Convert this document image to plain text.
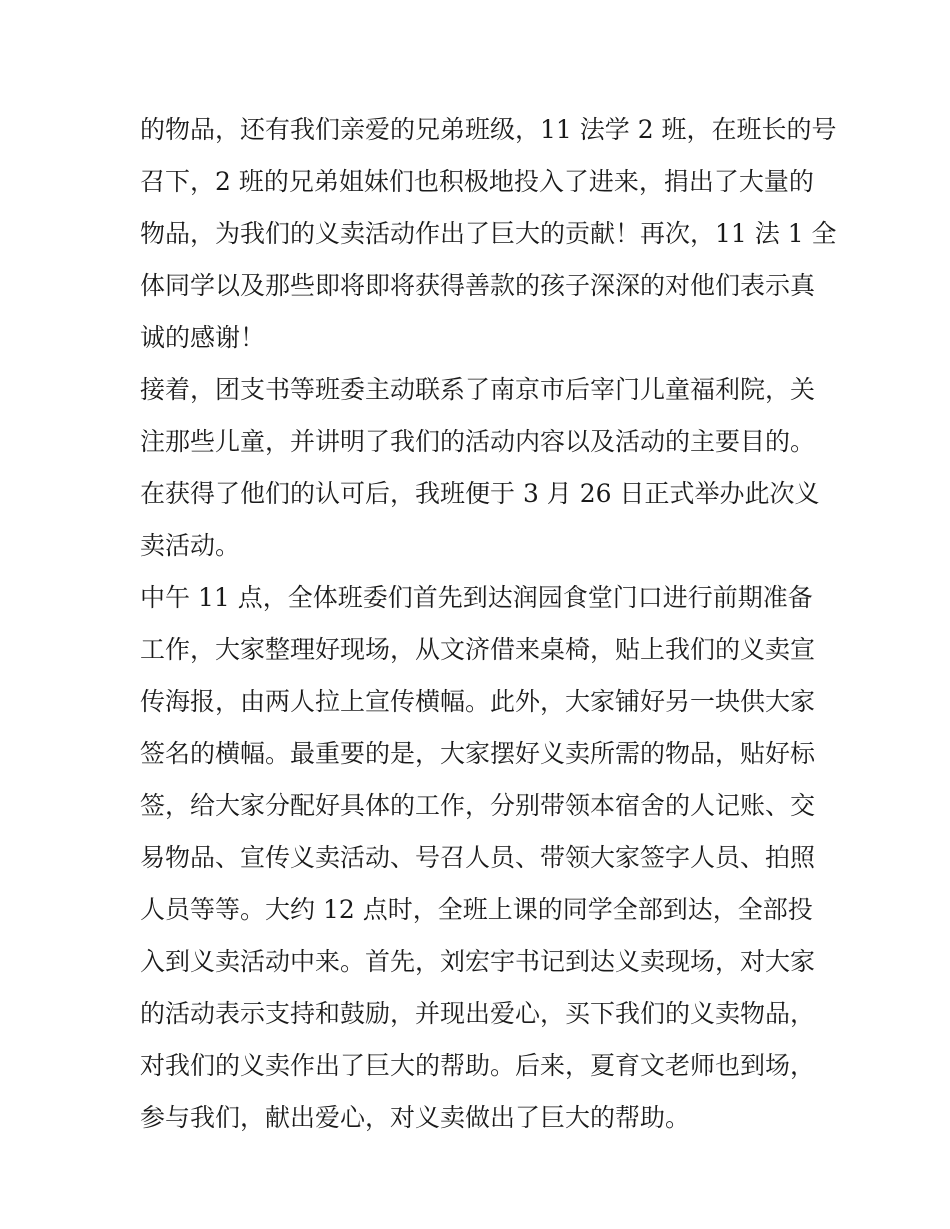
的物品，还有我们亲爱的兄弟班级，11 法学 2 班，在班长的号
召下，2 班的兄弟姐妹们也积极地投入了进来，捐出了大量的
物品，为我们的义卖活动作出了巨大的贡献！再次，11 法 1 全
体同学以及那些即将即将获得善款的孩子深深的对他们表示真
诚的感谢！
接着，团支书等班委主动联系了南京市后宰门儿童福利院，关
注那些儿童，并讲明了我们的活动内容以及活动的主要目的。
在获得了他们的认可后，我班便于 3 月 26 日正式举办此次义
卖活动。
中午 11 点，全体班委们首先到达润园食堂门口进行前期准备
工作，大家整理好现场，从文济借来桌椅，贴上我们的义卖宣
传海报，由两人拉上宣传横幅。此外，大家铺好另一块供大家
签名的横幅。最重要的是，大家摆好义卖所需的物品，贴好标
签，给大家分配好具体的工作，分别带领本宿舍的人记账、交
易物品、宣传义卖活动、号召人员、带领大家签字人员、拍照
人员等等。大约 12 点时，全班上课的同学全部到达，全部投
入到义卖活动中来。首先，刘宏宇书记到达义卖现场，对大家
的活动表示支持和鼓励，并现出爱心，买下我们的义卖物品，
对我们的义卖作出了巨大的帮助。后来，夏育文老师也到场，
参与我们，献出爱心，对义卖做出了巨大的帮助。
